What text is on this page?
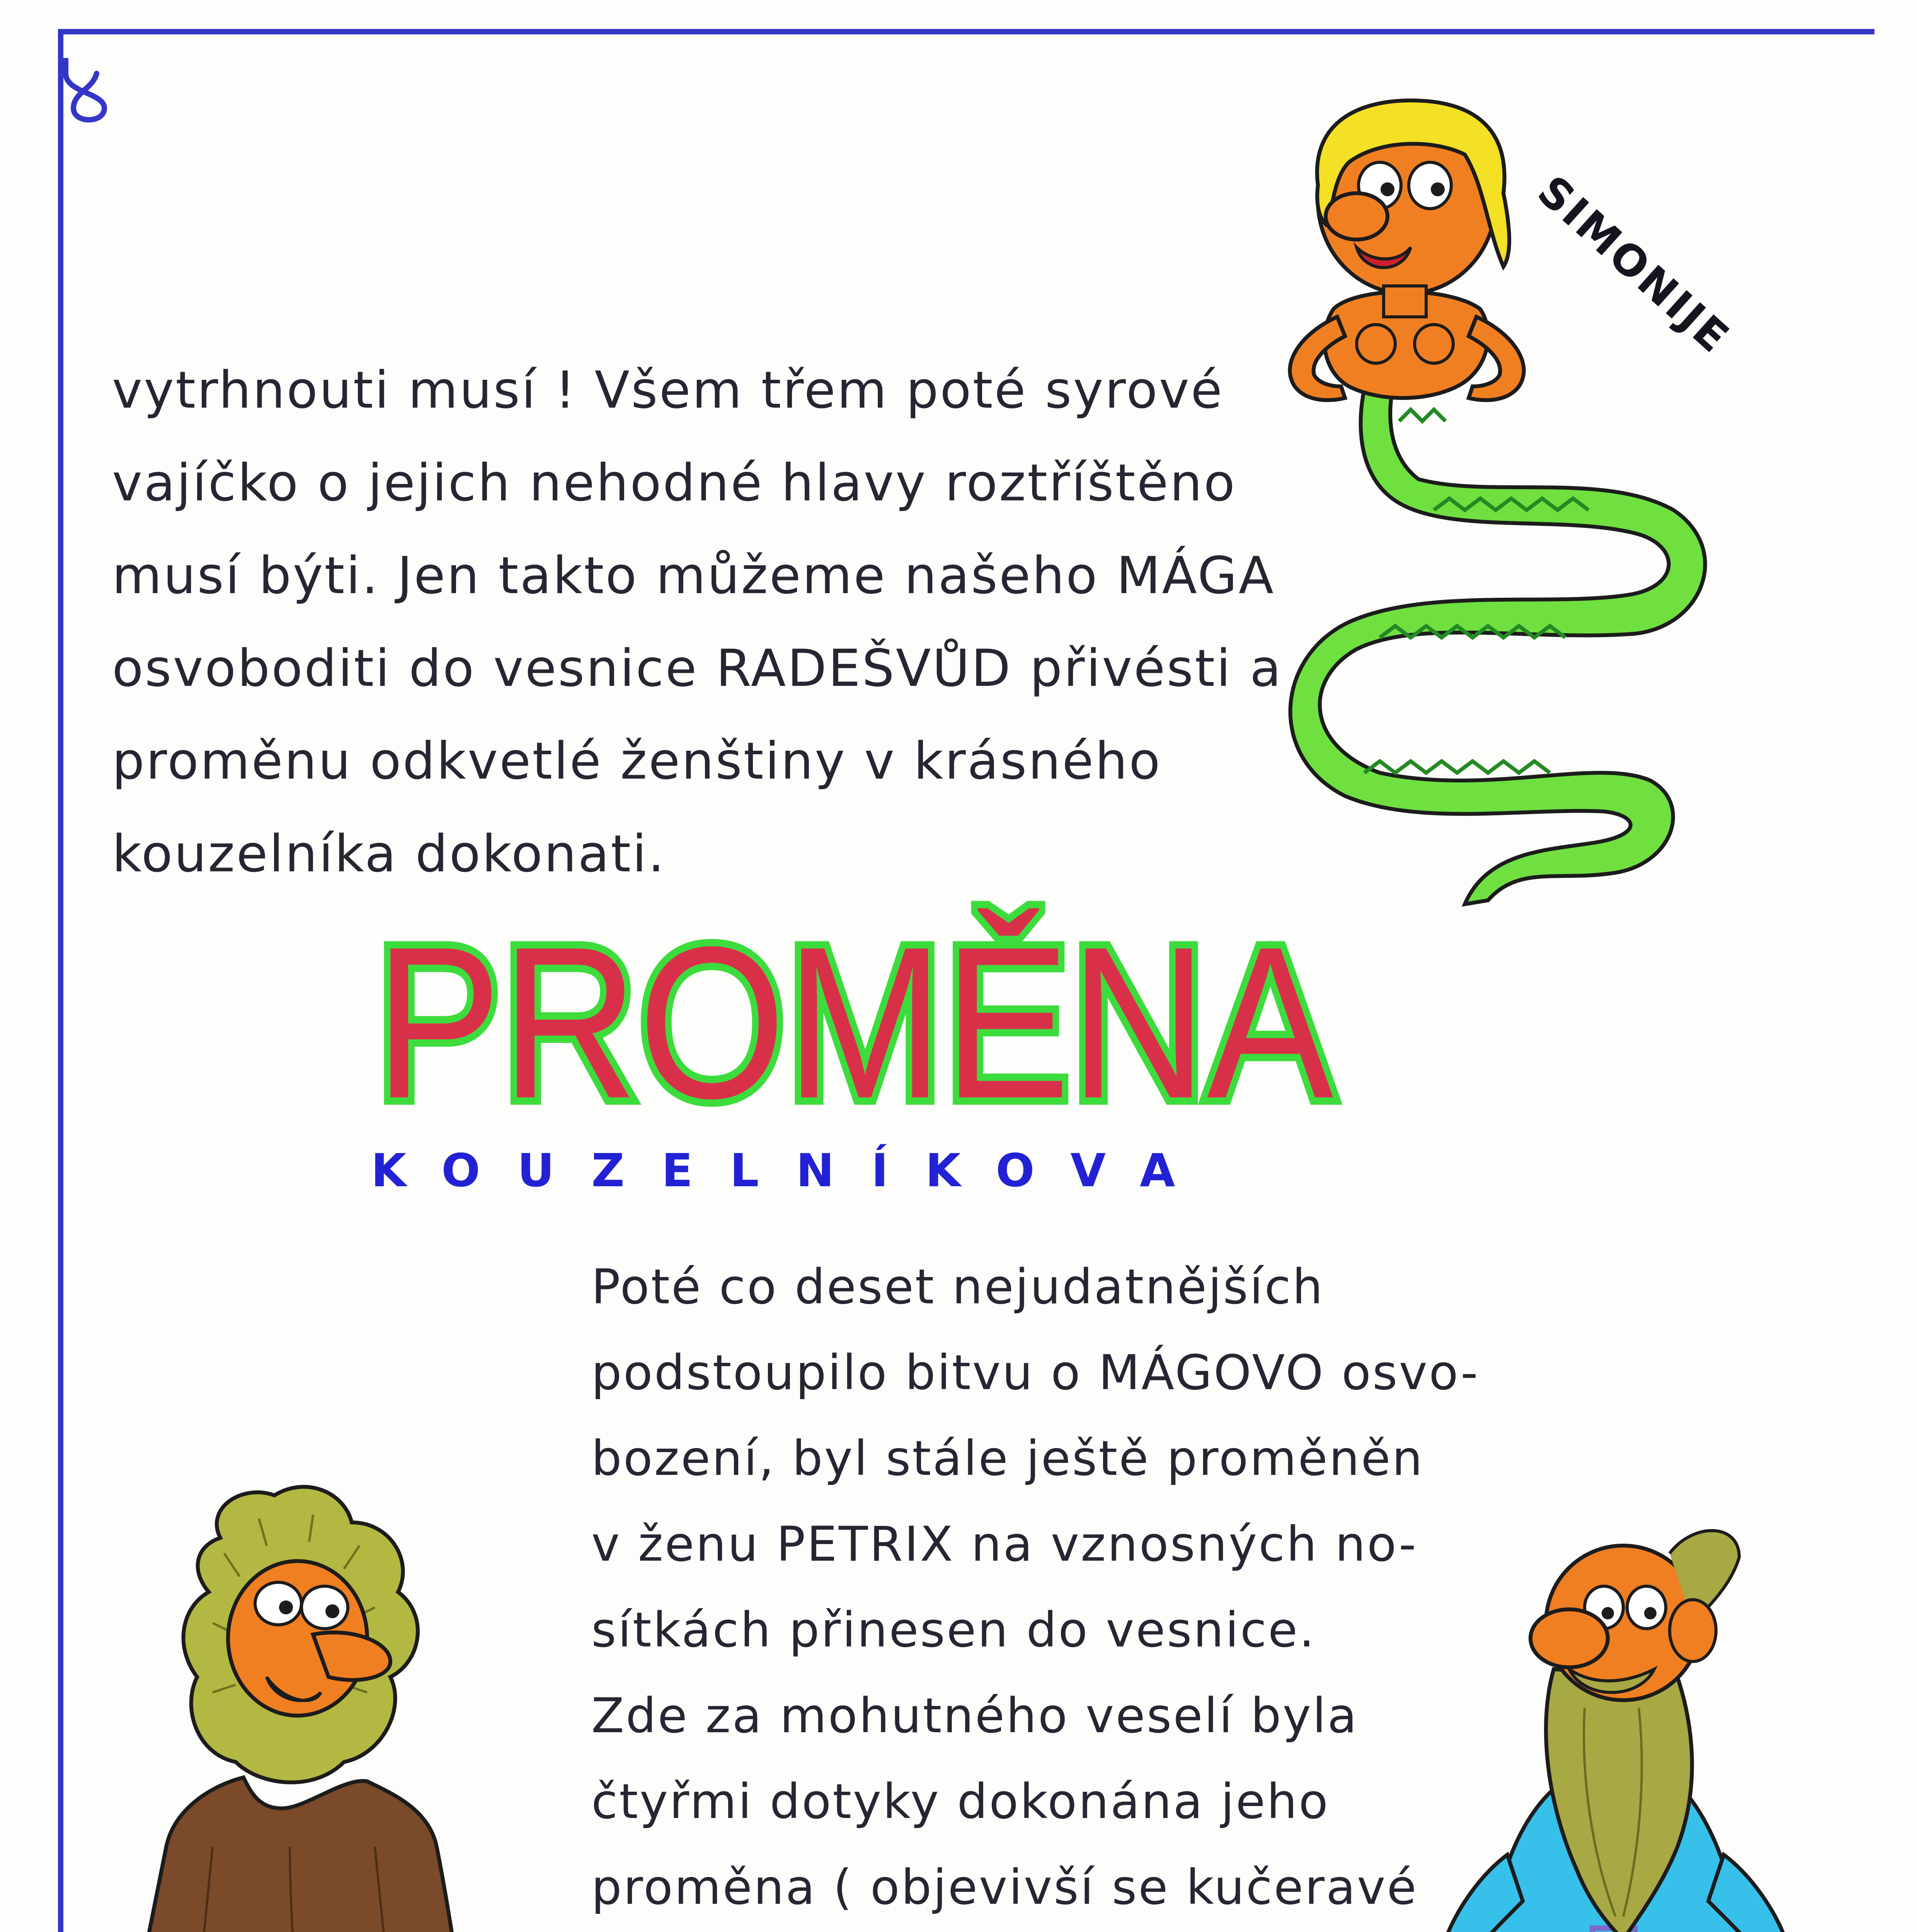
SIMONIJE
vytrhnouti musí ! Všem třem poté syrové
vajíčko o jejich nehodné hlavy roztříštěno
musí býti. Jen takto můžeme našeho MÁGA
osvoboditi do vesnice RADEŠVŮD přivésti a
proměnu odkvetlé ženštiny v krásného
kouzelníka dokonati.
PROMĚNA
KOUZELNÍKOVA
Poté co deset nejudatnějších
podstoupilo bitvu o MÁGOVO osvo-
bození, byl stále ještě proměněn
v ženu PETRIX na vznosných no-
sítkách přinesen do vesnice.
Zde za mohutného veselí byla
čtyřmi dotyky dokonána jeho
proměna ( objevivší se kučeravé
